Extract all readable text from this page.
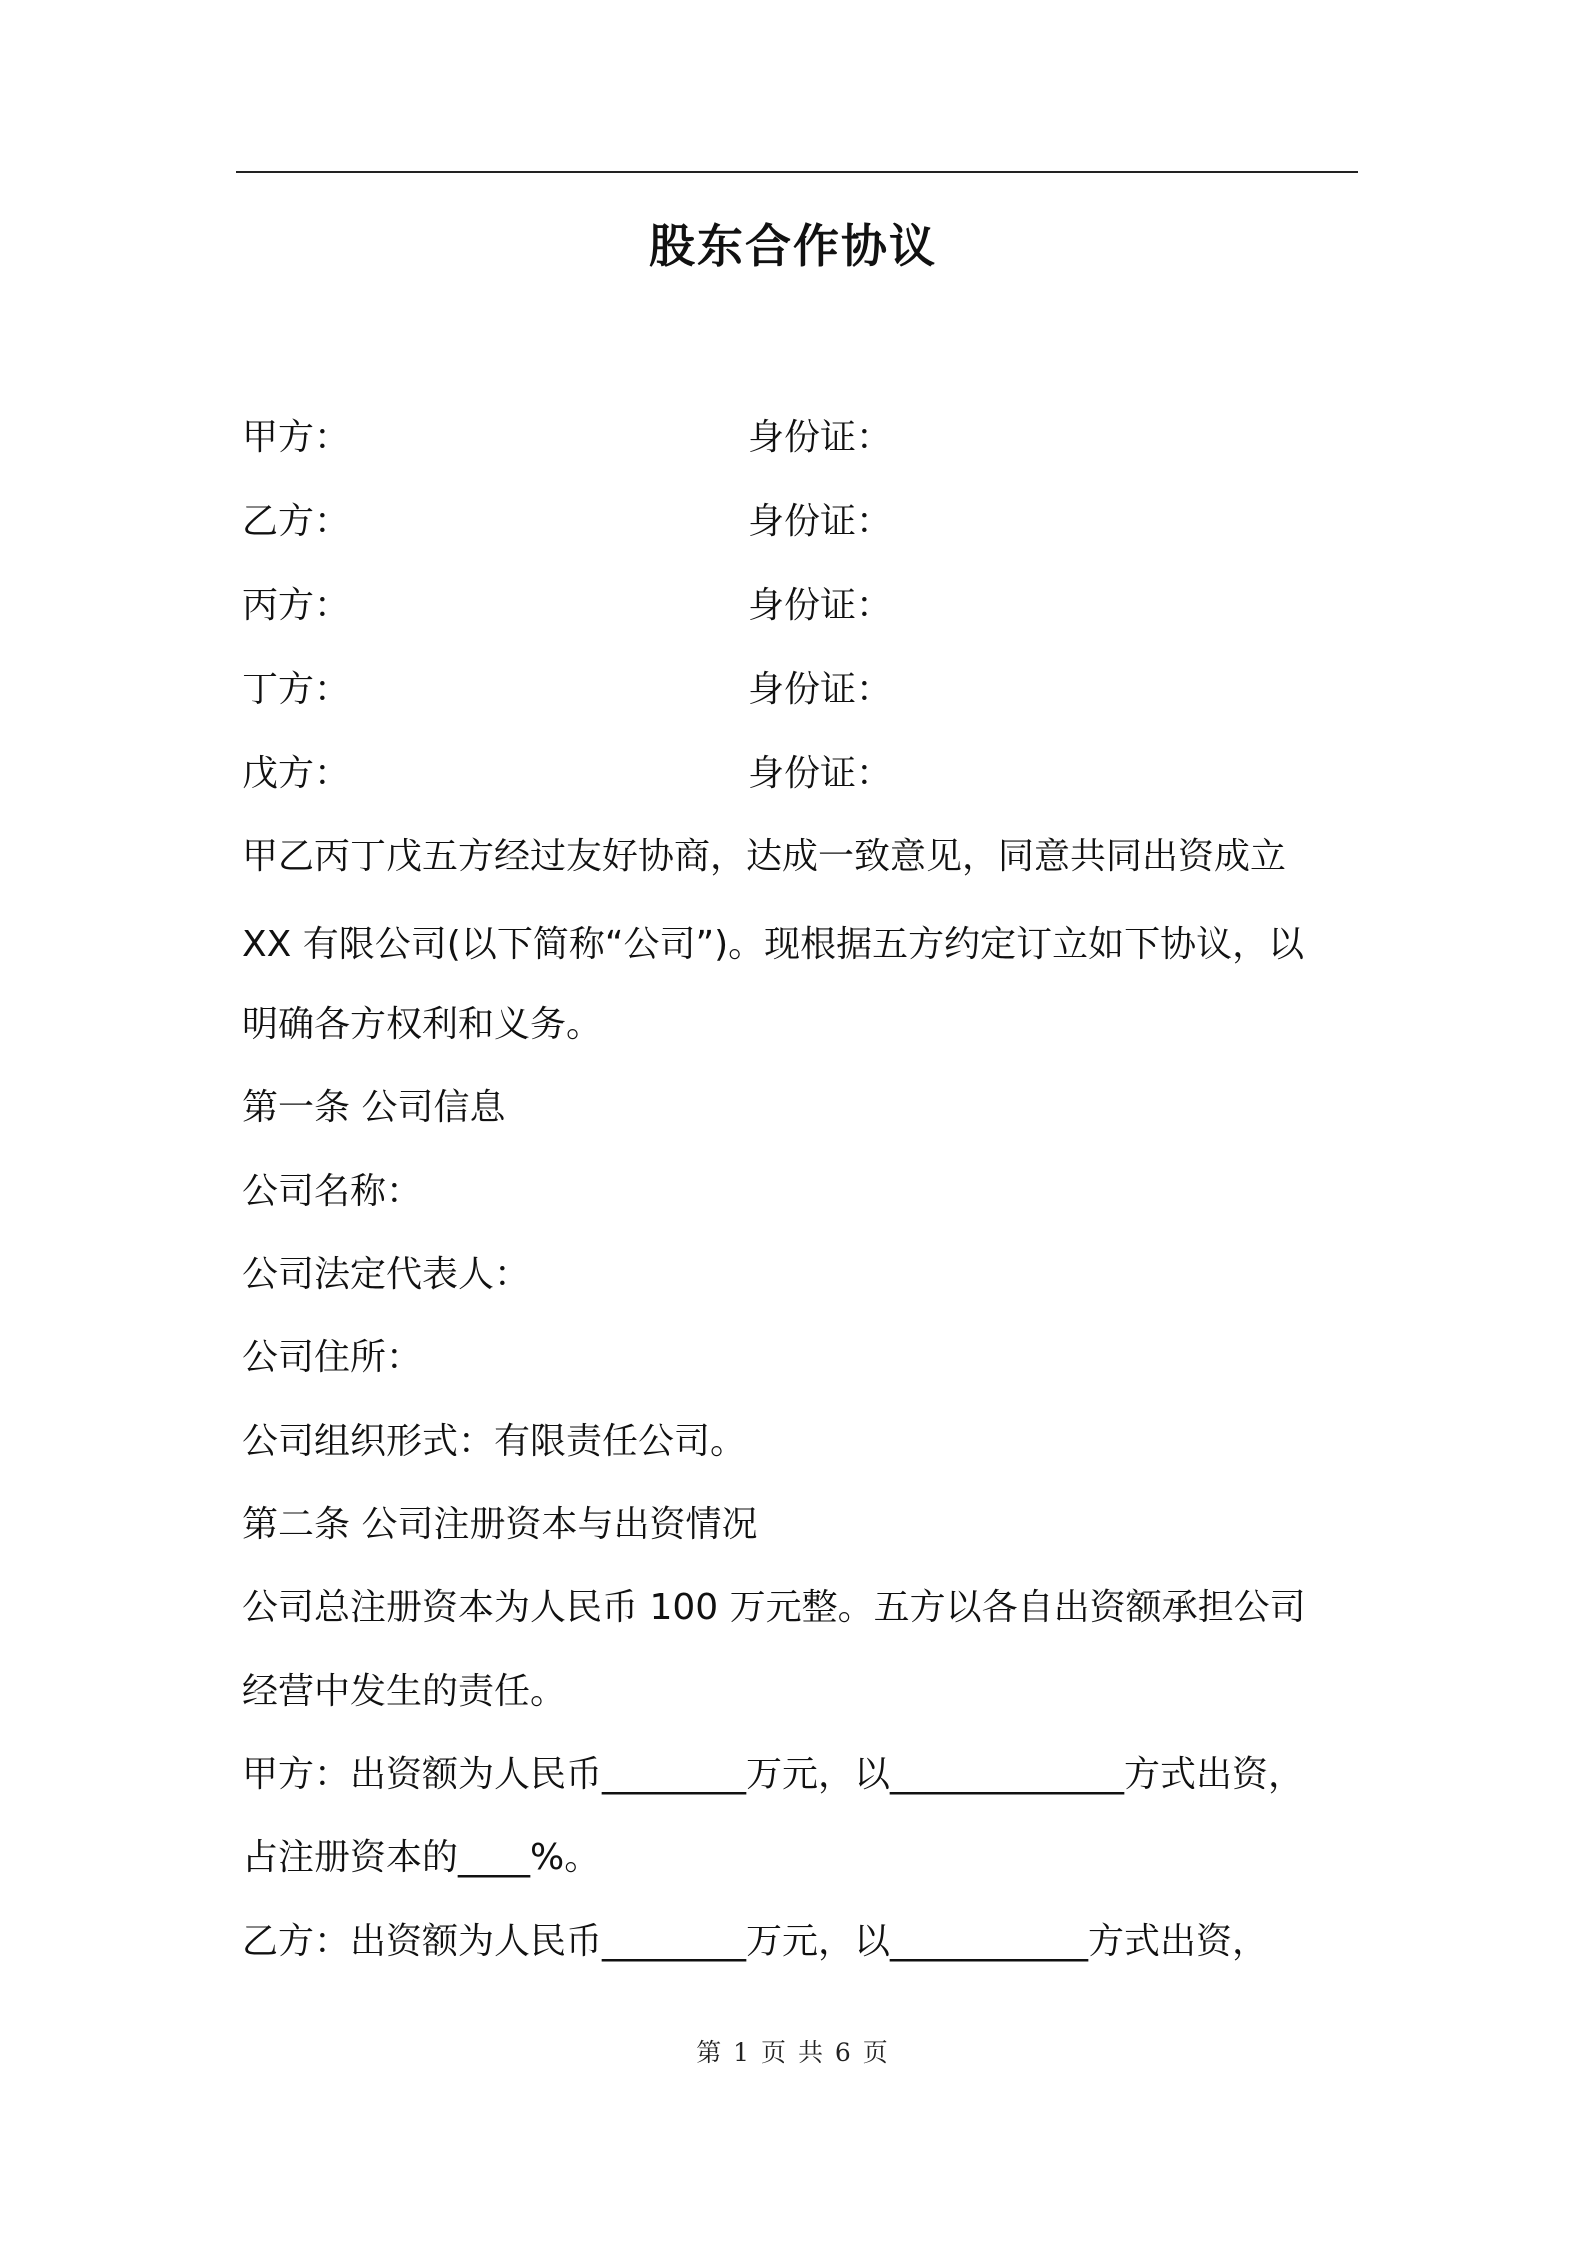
股东合作协议
甲方：	身份证：
乙方：	身份证：
丙方：	身份证：
丁方：	身份证：
戊方：	身份证：
甲乙丙丁戊五方经过友好协商，达成一致意见，同意共同出资成立
XX 有限公司(以下简称“公司”)。现根据五方约定订立如下协议，以
明确各方权利和义务。
第一条 公司信息
公司名称：
公司法定代表人：
公司住所：
公司组织形式：有限责任公司。
第二条 公司注册资本与出资情况
公司总注册资本为人民币 100 万元整。五方以各自出资额承担公司
经营中发生的责任。
甲方：出资额为人民币________万元，以_____________方式出资，
占注册资本的____%。
乙方：出资额为人民币________万元，以___________方式出资，
第 1 页 共 6 页
